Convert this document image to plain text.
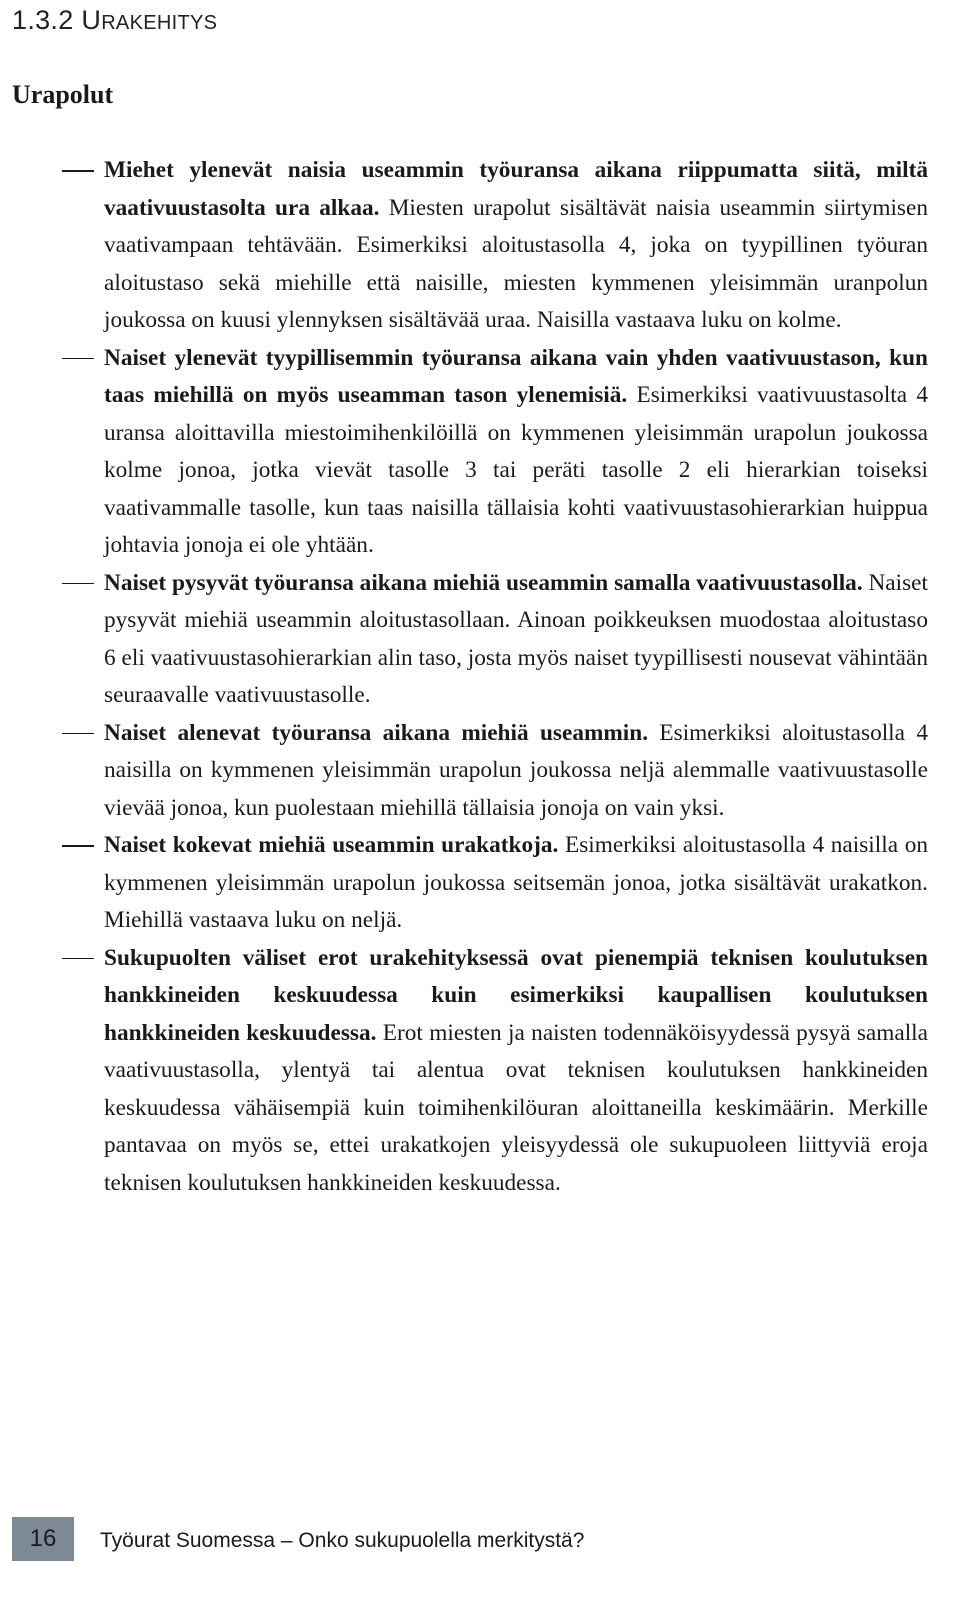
1.3.2 URAKEHITYS
Urapolut
Miehet ylenevät naisia useammin työuransa aikana riippumatta siitä, miltä vaativuustasolta ura alkaa. Miesten urapolut sisältävät naisia useammin siirtymisen vaativampaan tehtävään. Esimerkiksi aloitustasolla 4, joka on tyypillinen työuran aloitustaso sekä miehille että naisille, miesten kymmenen yleisimmän uranpolun joukossa on kuusi ylennyksen sisältävää uraa. Naisilla vastaava luku on kolme.
Naiset ylenevät tyypillisemmin työuransa aikana vain yhden vaativuustason, kun taas miehillä on myös useamman tason ylenemisiä. Esimerkiksi vaativuustasolta 4 uransa aloittavilla miestoimihenkilöillä on kymmenen yleisimmän urapolun joukossa kolme jonoa, jotka vievät tasolle 3 tai peräti tasolle 2 eli hierarkian toiseksi vaativammalle tasolle, kun taas naisilla tällaisia kohti vaativuustasohierarkian huippua johtavia jonoja ei ole yhtään.
Naiset pysyvät työuransa aikana miehiä useammin samalla vaativuustasolla. Naiset pysyvät miehiä useammin aloitustasollaan. Ainoan poikkeuksen muodostaa aloitustaso 6 eli vaativuustasohierarkian alin taso, josta myös naiset tyypillisesti nousevat vähintään seuraavalle vaativuustasolle.
Naiset alenevat työuransa aikana miehiä useammin. Esimerkiksi aloitustasolla 4 naisilla on kymmenen yleisimmän urapolun joukossa neljä alemmalle vaativuustasolle vievää jonoa, kun puolestaan miehillä tällaisia jonoja on vain yksi.
Naiset kokevat miehiä useammin urakatkoja. Esimerkiksi aloitustasolla 4 naisilla on kymmenen yleisimmän urapolun joukossa seitsemän jonoa, jotka sisältävät urakatkon. Miehillä vastaava luku on neljä.
Sukupuolten väliset erot urakehityksessä ovat pienempiä teknisen koulutuksen hankkineiden keskuudessa kuin esimerkiksi kaupallisen koulutuksen hankkineiden keskuudessa. Erot miesten ja naisten todennäköisyydessä pysyä samalla vaativuustasolla, ylentyä tai alentua ovat teknisen koulutuksen hankkineiden keskuudessa vähäisempiä kuin toimihenkilöuran aloittaneilla keskimäärin. Merkille pantavaa on myös se, ettei urakatkojen yleisyydessä ole sukupuoleen liittyviä eroja teknisen koulutuksen hankkineiden keskuudessa.
16 Työurat Suomessa – Onko sukupuolella merkitystä?
